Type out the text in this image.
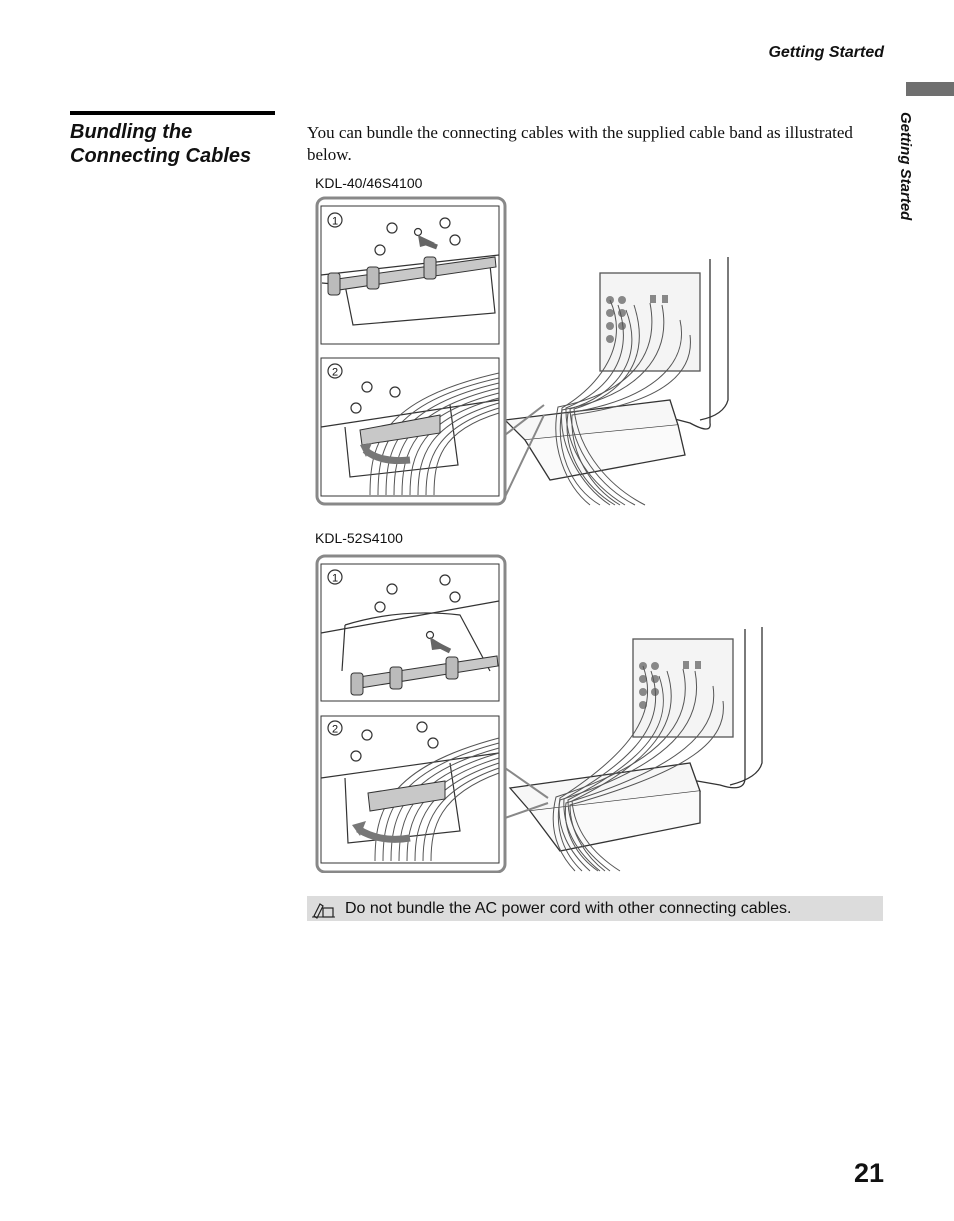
Getting Started
Getting Started
Bundling the Connecting Cables
You can bundle the connecting cables with the supplied cable band as illustrated below.
KDL-40/46S4100
1
2
KDL-52S4100
1
2
Do not bundle the AC power cord with other connecting cables.
21
